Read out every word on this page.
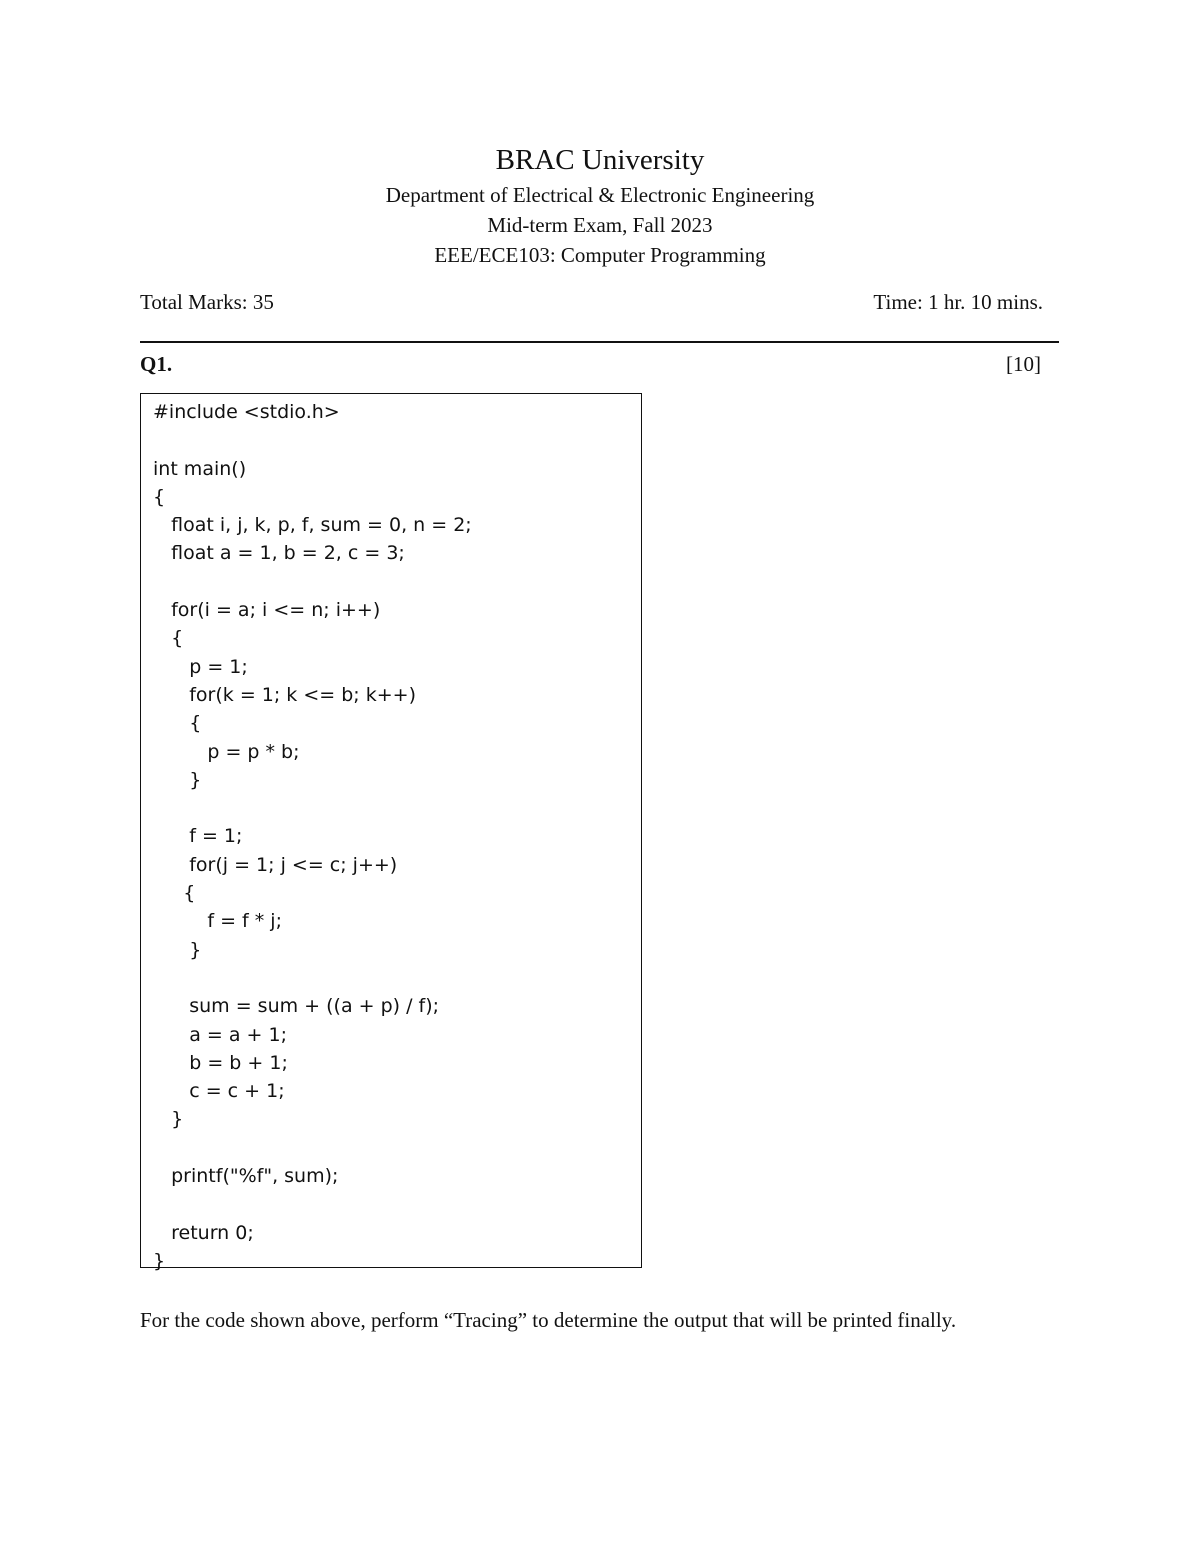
BRAC University
Department of Electrical & Electronic Engineering
Mid-term Exam, Fall 2023
EEE/ECE103: Computer Programming
Total Marks: 35	Time: 1 hr. 10 mins.
Q1.	[10]
#include <stdio.h>

int main()
{
float i, j, k, p, f, sum = 0, n = 2;
float a = 1, b = 2, c = 3;

for(i = a; i <= n; i++)
{
p = 1;
for(k = 1; k <= b; k++)
{
p = p * b;
}

f = 1;
for(j = 1; j <= c; j++)
{
f = f * j;
}

sum = sum + ((a + p) / f);
a = a + 1;
b = b + 1;
c = c + 1;
}

printf("%f", sum);

return 0;
}
For the code shown above, perform “Tracing” to determine the output that will be printed finally.
